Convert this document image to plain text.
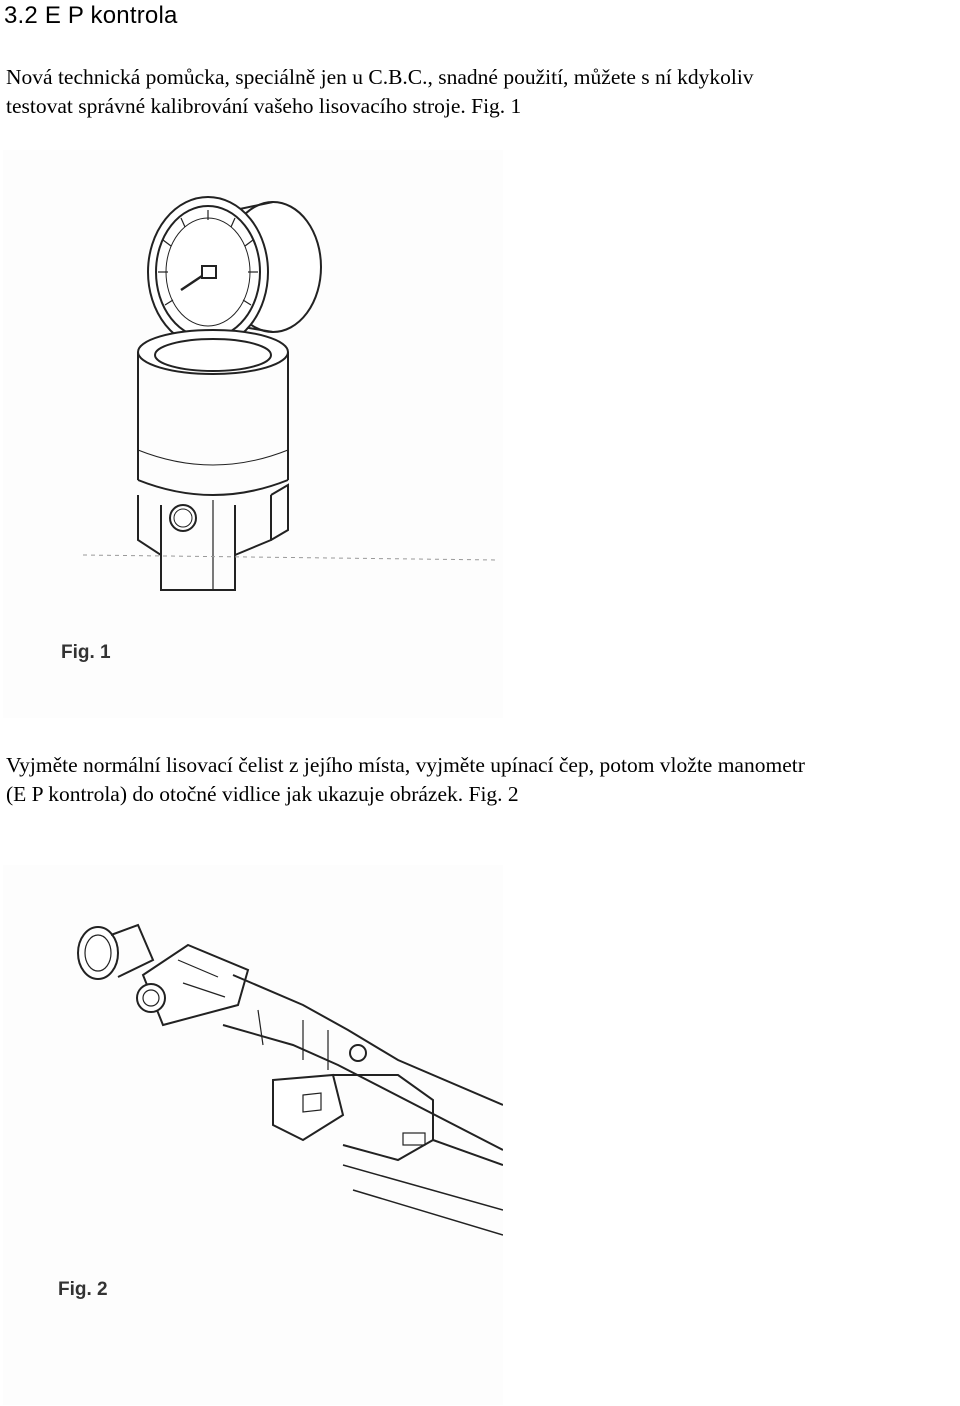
3.2 E P kontrola
Nová technická pomůcka, speciálně jen u C.B.C., snadné použití, můžete s ní kdykoliv
testovat správné kalibrování vašeho lisovacího stroje. Fig. 1
Fig. 1
Vyjměte normální lisovací čelist z jejího místa, vyjměte upínací čep, potom vložte manometr
(E P kontrola) do otočné vidlice jak ukazuje obrázek. Fig. 2
Fig. 2
